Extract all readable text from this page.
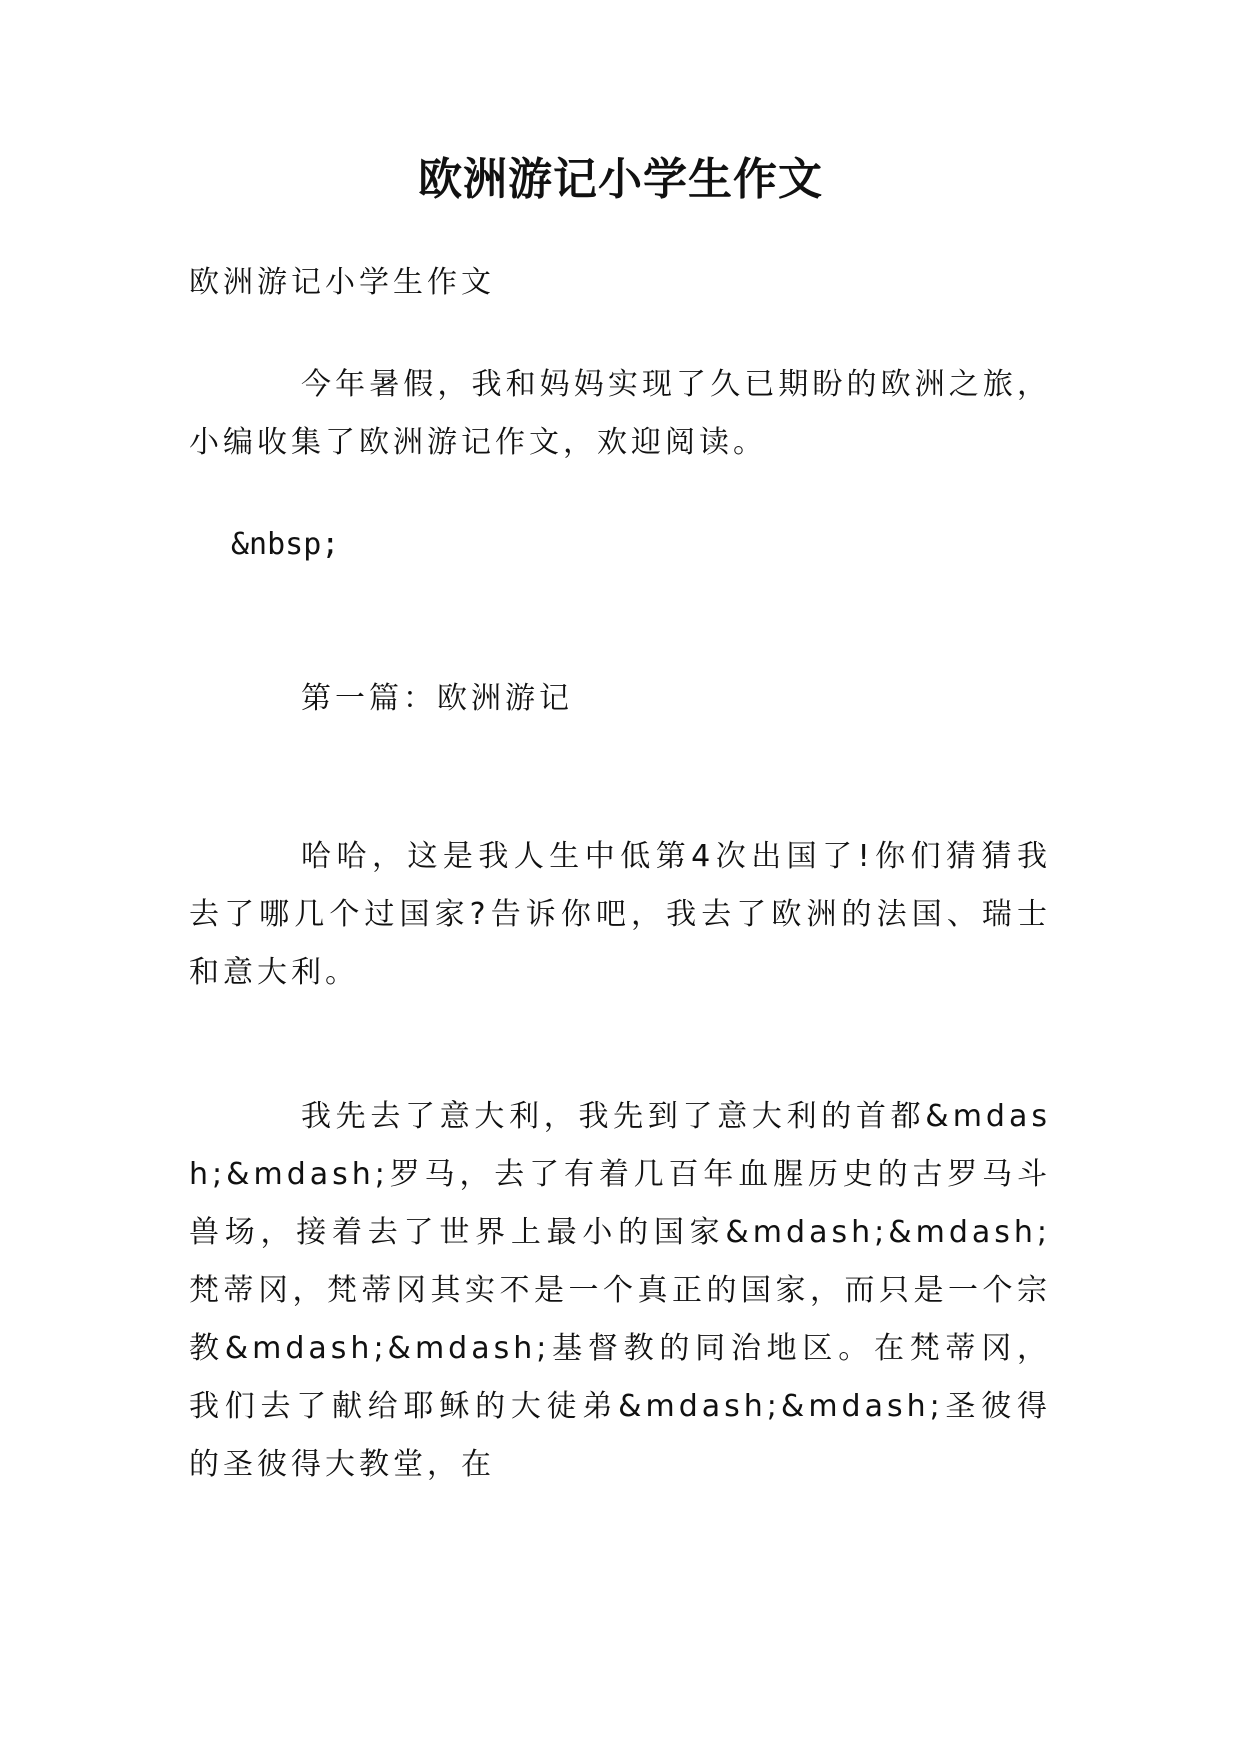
欧洲游记小学生作文
欧洲游记小学生作文
今年暑假，我和妈妈实现了久已期盼的欧洲之旅，小编收集了欧洲游记作文，欢迎阅读。
&nbsp;
第一篇：欧洲游记
哈哈，这是我人生中低第4次出国了!你们猜猜我去了哪几个过国家?告诉你吧，我去了欧洲的法国、瑞士和意大利。
我先去了意大利，我先到了意大利的首都&mdash;&mdash;罗马，去了有着几百年血腥历史的古罗马斗兽场，接着去了世界上最小的国家&mdash;&mdash;梵蒂冈，梵蒂冈其实不是一个真正的国家，而只是一个宗教&mdash;&mdash;基督教的同治地区。在梵蒂冈，我们去了献给耶稣的大徒弟&mdash;&mdash;圣彼得的圣彼得大教堂，在
